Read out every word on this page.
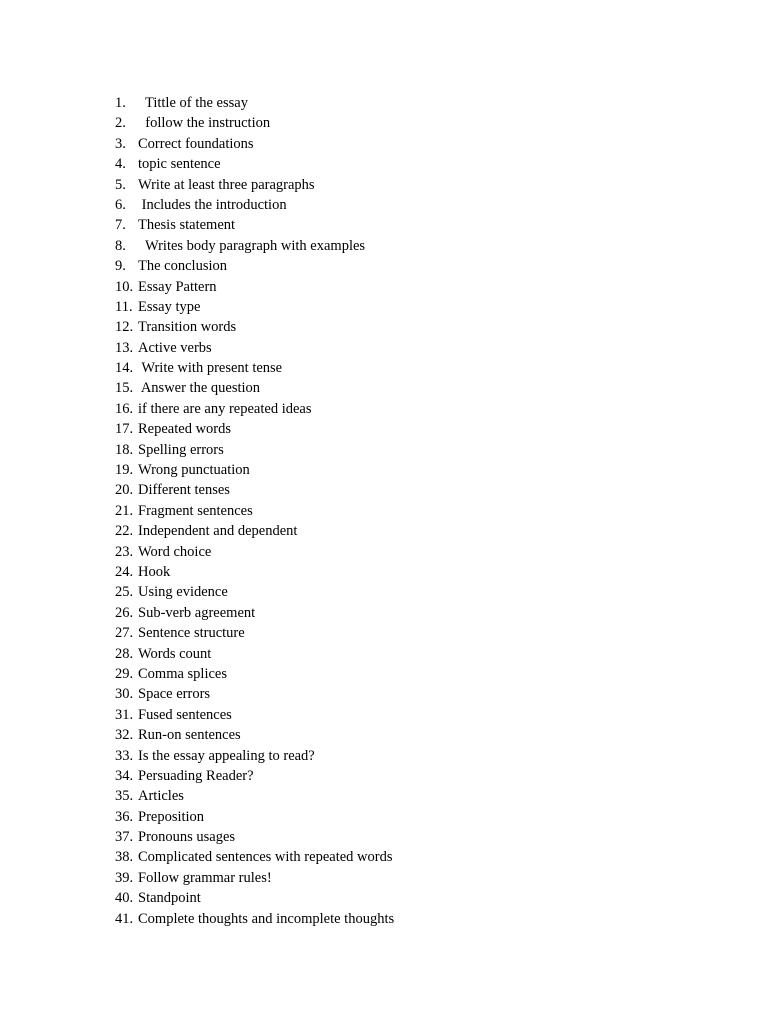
1. Tittle of the essay
2. follow the instruction
3. Correct foundations
4. topic sentence
5. Write at least three paragraphs
6. Includes the introduction
7. Thesis statement
8. Writes body paragraph with examples
9. The conclusion
10. Essay Pattern
11. Essay type
12. Transition words
13. Active verbs
14. Write with present tense
15. Answer the question
16. if there are any repeated ideas
17. Repeated words
18. Spelling errors
19. Wrong punctuation
20. Different tenses
21. Fragment sentences
22. Independent and dependent
23. Word choice
24. Hook
25. Using evidence
26. Sub-verb agreement
27. Sentence structure
28. Words count
29. Comma splices
30. Space errors
31. Fused sentences
32. Run-on sentences
33. Is the essay appealing to read?
34. Persuading Reader?
35. Articles
36. Preposition
37. Pronouns usages
38. Complicated sentences with repeated words
39. Follow grammar rules!
40. Standpoint
41. Complete thoughts and incomplete thoughts
